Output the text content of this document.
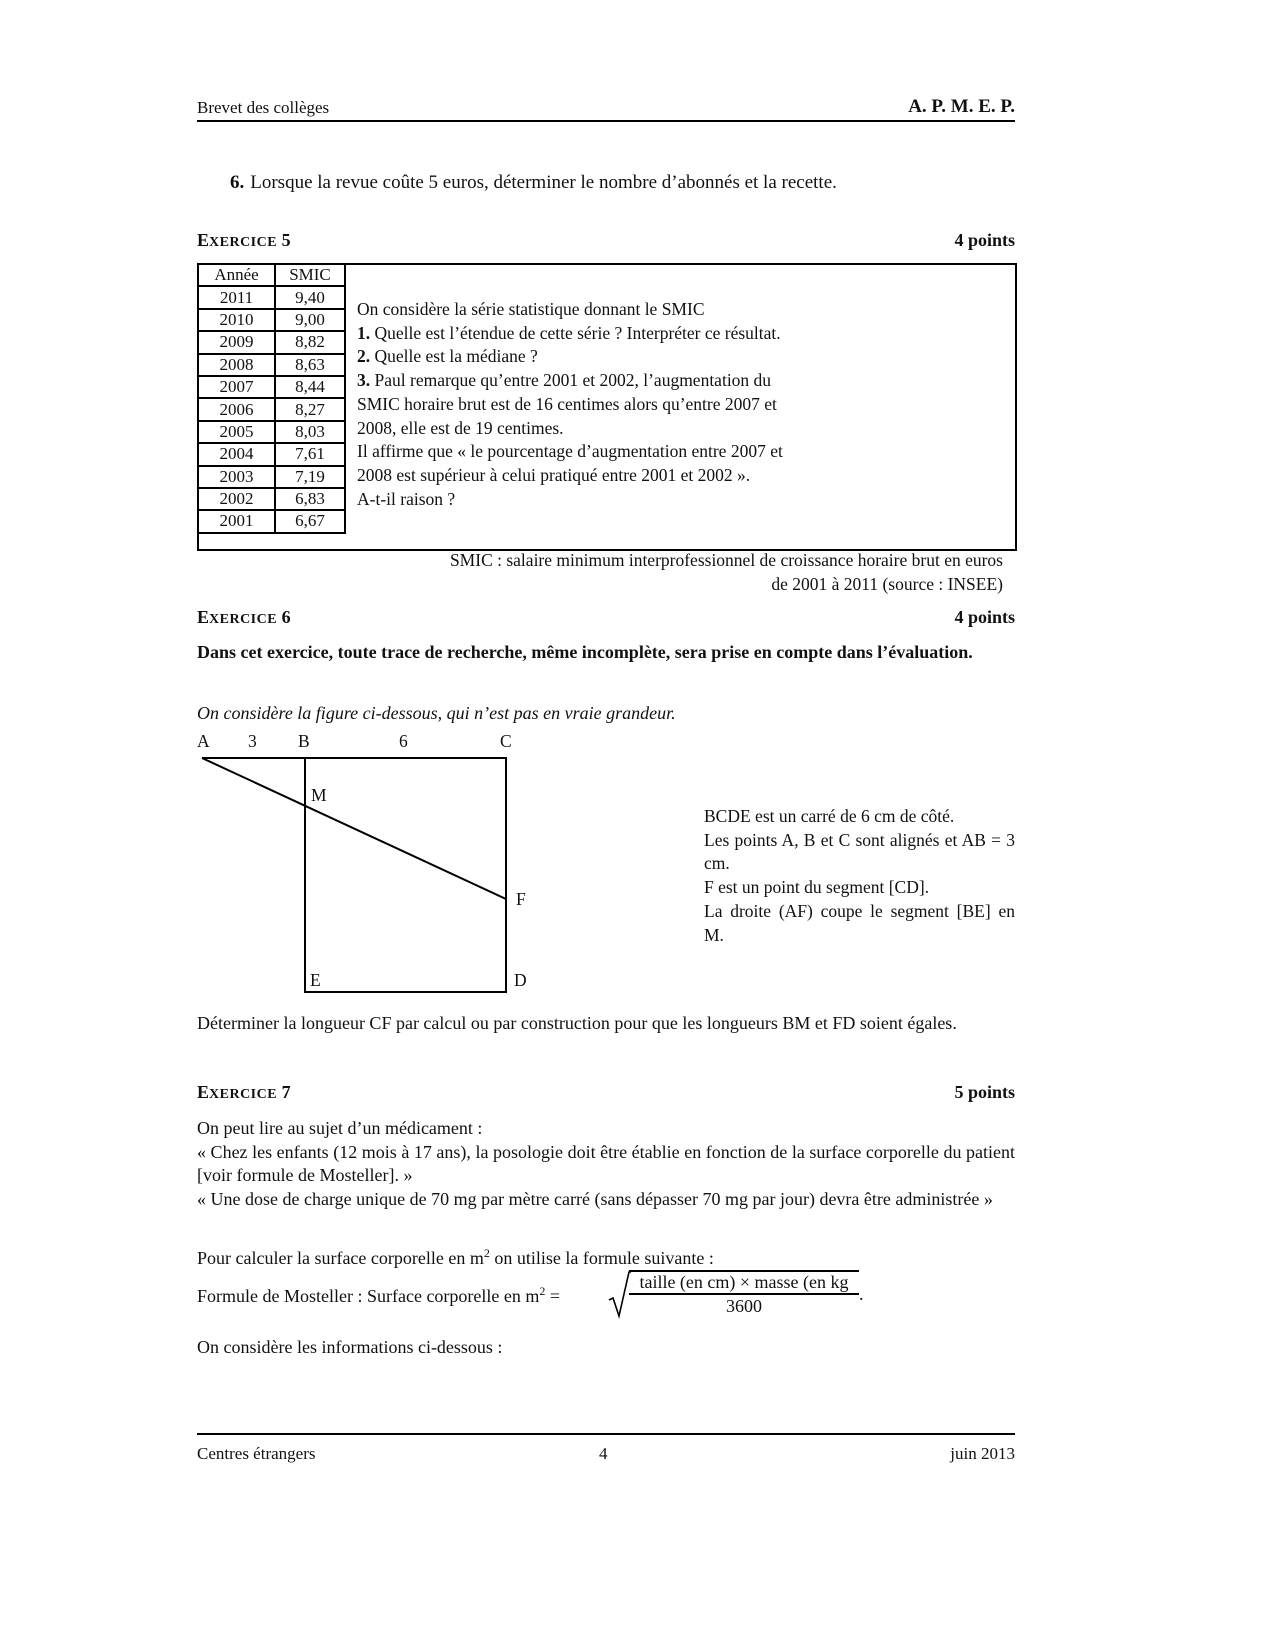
Brevet des collèges	A. P. M. E. P.
6. Lorsque la revue coûte 5 euros, déterminer le nombre d’abonnés et la recette.
EXERCICE 5	4 points
Année	SMIC
2011	9,40
2010	9,00
2009	8,82
2008	8,63
2007	8,44
2006	8,27
2005	8,03
2004	7,61
2003	7,19
2002	6,83
2001	6,67
On considère la série statistique donnant le SMIC
1. Quelle est l’étendue de cette série ? Interpréter ce résultat.
2. Quelle est la médiane ?
3. Paul remarque qu’entre 2001 et 2002, l’augmentation du
SMIC horaire brut est de 16 centimes alors qu’entre 2007 et
2008, elle est de 19 centimes.
Il affirme que « le pourcentage d’augmentation entre 2007 et
2008 est supérieur à celui pratiqué entre 2001 et 2002 ».
A-t-il raison ?
SMIC : salaire minimum interprofessionnel de croissance horaire brut en euros
de 2001 à 2011 (source : INSEE)
EXERCICE 6	4 points
Dans cet exercice, toute trace de recherche, même incomplète, sera prise en compte dans l’évaluation.
On considère la figure ci-dessous, qui n’est pas en vraie grandeur.
A 3 B	6	C
M
F
E	D
BCDE est un carré de 6 cm de côté.
Les points A, B et C sont alignés et AB = 3 cm.
F est un point du segment [CD].
La droite (AF) coupe le segment [BE] en M.
Déterminer la longueur CF par calcul ou par construction pour que les longueurs BM et FD soient égales.
EXERCICE 7	5 points
On peut lire au sujet d’un médicament :
« Chez les enfants (12 mois à 17 ans), la posologie doit être établie en fonction de la surface corporelle du patient [voir formule de Mosteller]. »
« Une dose de charge unique de 70 mg par mètre carré (sans dépasser 70 mg par jour) devra être administrée »
Pour calculer la surface corporelle en $m^2$ on utilise la formule suivante :
Formule de Mosteller : Surface corporelle en $m^2$ =
taille (en cm) × masse (en kg
3600
.
On considère les informations ci-dessous :
Centres étrangers	4	juin 2013
